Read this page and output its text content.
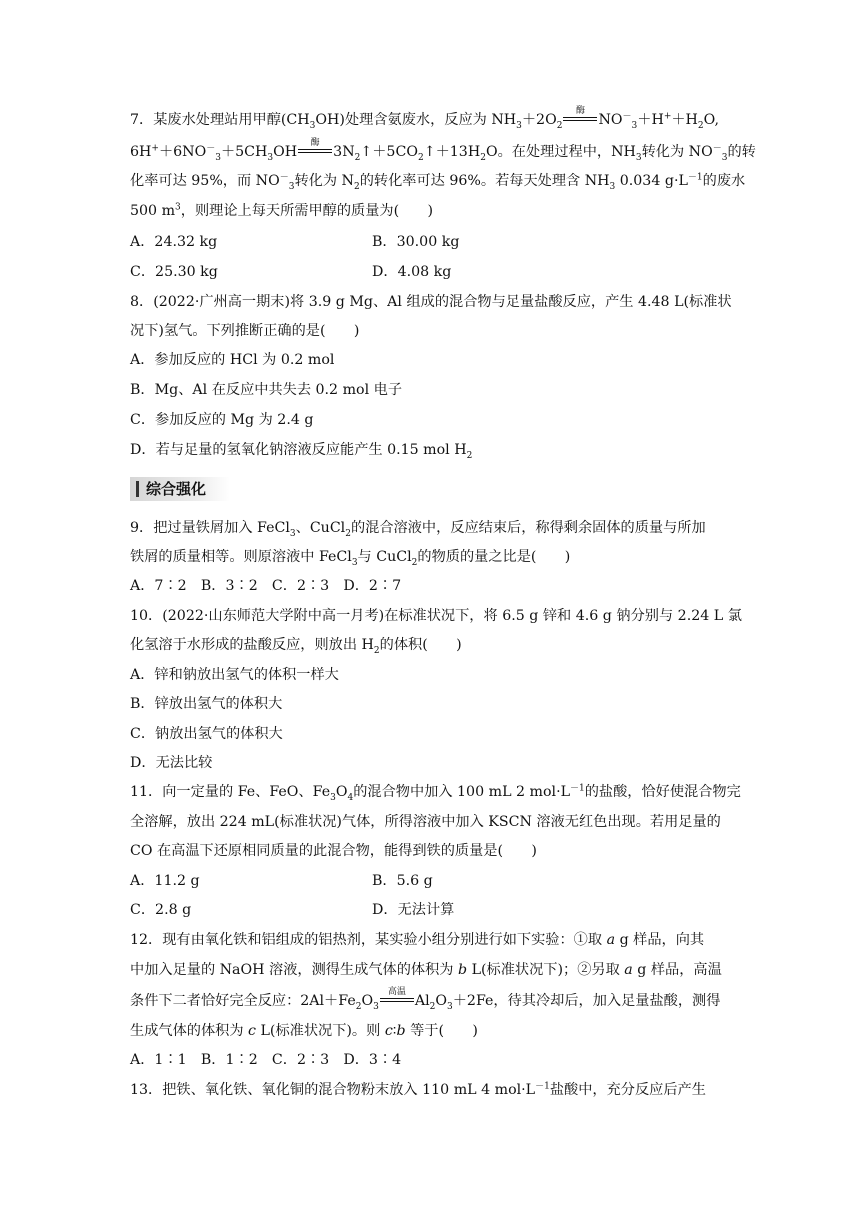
7．某废水处理站用甲醇$(CH_3OH)$处理含氨废水，反应为 $NH_3+2O_2$
酶
$NO^-_3+H^++H_2O$,
$6H^++6NO^-_3+5CH_3OH$
酶
$3N_2↑+5CO_2↑+13H_2O$。在处理过程中，$NH_3$转化为 $NO^-_3$的转
化率可达 95%，而 $NO^-_3$转化为 $N_2$的转化率可达 96%。若每天处理含 $NH_3$ 0.034 $g\cdot L^{-1}$的废水
500 $m^3$，则理论上每天所需甲醇的质量为(　　)
A．24.32 kg	B．30.00 kg
C．25.30 kg	D．4.08 kg
8．(2022·广州高一期末)将 3.9 g Mg、Al 组成的混合物与足量盐酸反应，产生 4.48 L(标准状
况下)氢气。下列推断正确的是(　　)
A．参加反应的 HCl 为 0.2 mol
B．Mg、Al 在反应中共失去 0.2 mol 电子
C．参加反应的 Mg 为 2.4 g
D．若与足量的氢氧化钠溶液反应能产生 0.15 mol $H_2$
综合强化
9．把过量铁屑加入 FeCl$_3$、CuCl$_2$的混合溶液中，反应结束后，称得剩余固体的质量与所加
铁屑的质量相等。则原溶液中 FeCl$_3$与 CuCl$_2$的物质的量之比是(　　)
A．7∶2　B．3∶2　C．2∶3　D．2∶7
10．(2022·山东师范大学附中高一月考)在标准状况下，将 6.5 g 锌和 4.6 g 钠分别与 2.24 L 氯
化氢溶于水形成的盐酸反应，则放出 $H_2$的体积(　　)
A．锌和钠放出氢气的体积一样大
B．锌放出氢气的体积大
C．钠放出氢气的体积大
D．无法比较
11．向一定量的 Fe、FeO、$Fe_3O_4$的混合物中加入 100 mL 2 $mol\cdot L^{-1}$的盐酸，恰好使混合物完
全溶解，放出 224 mL(标准状况)气体，所得溶液中加入 KSCN 溶液无红色出现。若用足量的
CO 在高温下还原相同质量的此混合物，能得到铁的质量是(　　)
A．11.2 g	B．5.6 g
C．2.8 g	D．无法计算
12．现有由氧化铁和铝组成的铝热剂，某实验小组分别进行如下实验：①取 a g 样品，向其
中加入足量的 NaOH 溶液，测得生成气体的体积为 b L(标准状况下)；②另取 a g 样品，高温
条件下二者恰好完全反应：$2Al+Fe_2O_3$
高温
$Al_2O_3+2Fe$，待其冷却后，加入足量盐酸，测得
生成气体的体积为 c L(标准状况下)。则 c∶b 等于(　　)
A．1∶1　B．1∶2　C．2∶3　D．3∶4
13．把铁、氧化铁、氧化铜的混合物粉末放入 110 mL 4 $mol\cdot L^{-1}$盐酸中，充分反应后产生
